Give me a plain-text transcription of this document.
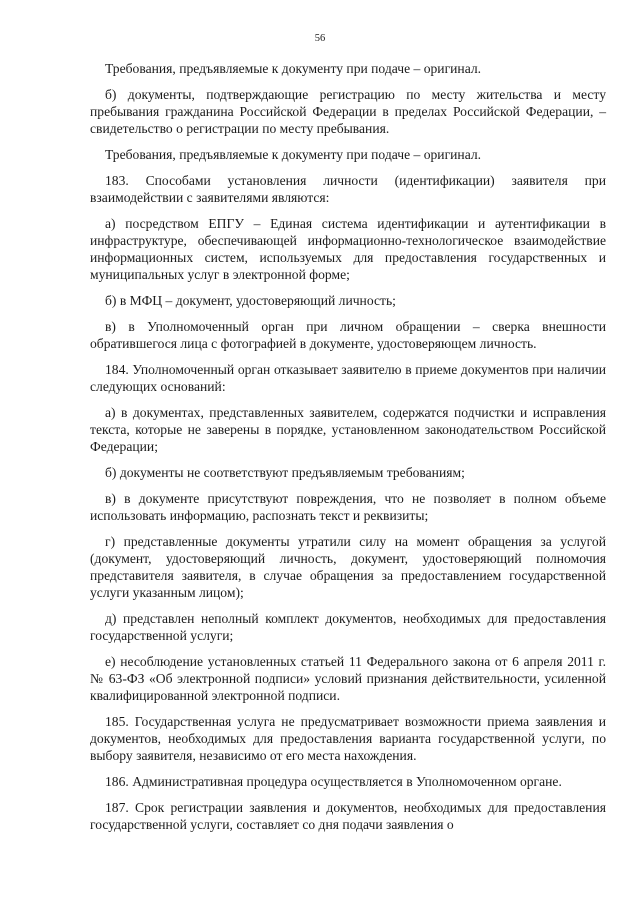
56

Требования, предъявляемые к документу при подаче – оригинал.

б) документы, подтверждающие регистрацию по месту жительства и месту пребывания гражданина Российской Федерации в пределах Российской Федерации, – свидетельство о регистрации по месту пребывания.

Требования, предъявляемые к документу при подаче – оригинал.

183. Способами установления личности (идентификации) заявителя при взаимодействии с заявителями являются:

а) посредством ЕПГУ – Единая система идентификации и аутентификации в инфраструктуре, обеспечивающей информационно-технологическое взаимодействие информационных систем, используемых для предоставления государственных и муниципальных услуг в электронной форме;

б) в МФЦ – документ, удостоверяющий личность;

в) в Уполномоченный орган при личном обращении – сверка внешности обратившегося лица с фотографией в документе, удостоверяющем личность.

184. Уполномоченный орган отказывает заявителю в приеме документов при наличии следующих оснований:

а) в документах, представленных заявителем, содержатся подчистки и исправления текста, которые не заверены в порядке, установленном законодательством Российской Федерации;

б) документы не соответствуют предъявляемым требованиям;

в) в документе присутствуют повреждения, что не позволяет в полном объеме использовать информацию, распознать текст и реквизиты;

г) представленные документы утратили силу на момент обращения за услугой (документ, удостоверяющий личность, документ, удостоверяющий полномочия представителя заявителя, в случае обращения за предоставлением государственной услуги указанным лицом);

д) представлен неполный комплект документов, необходимых для предоставления государственной услуги;

е) несоблюдение установленных статьей 11 Федерального закона от 6 апреля 2011 г. № 63-ФЗ «Об электронной подписи» условий признания действительности, усиленной квалифицированной электронной подписи.

185. Государственная услуга не предусматривает возможности приема заявления и документов, необходимых для предоставления варианта государственной услуги, по выбору заявителя, независимо от его места нахождения.

186. Административная процедура осуществляется в Уполномоченном органе.

187. Срок регистрации заявления и документов, необходимых для предоставления государственной услуги, составляет со дня подачи заявления о
